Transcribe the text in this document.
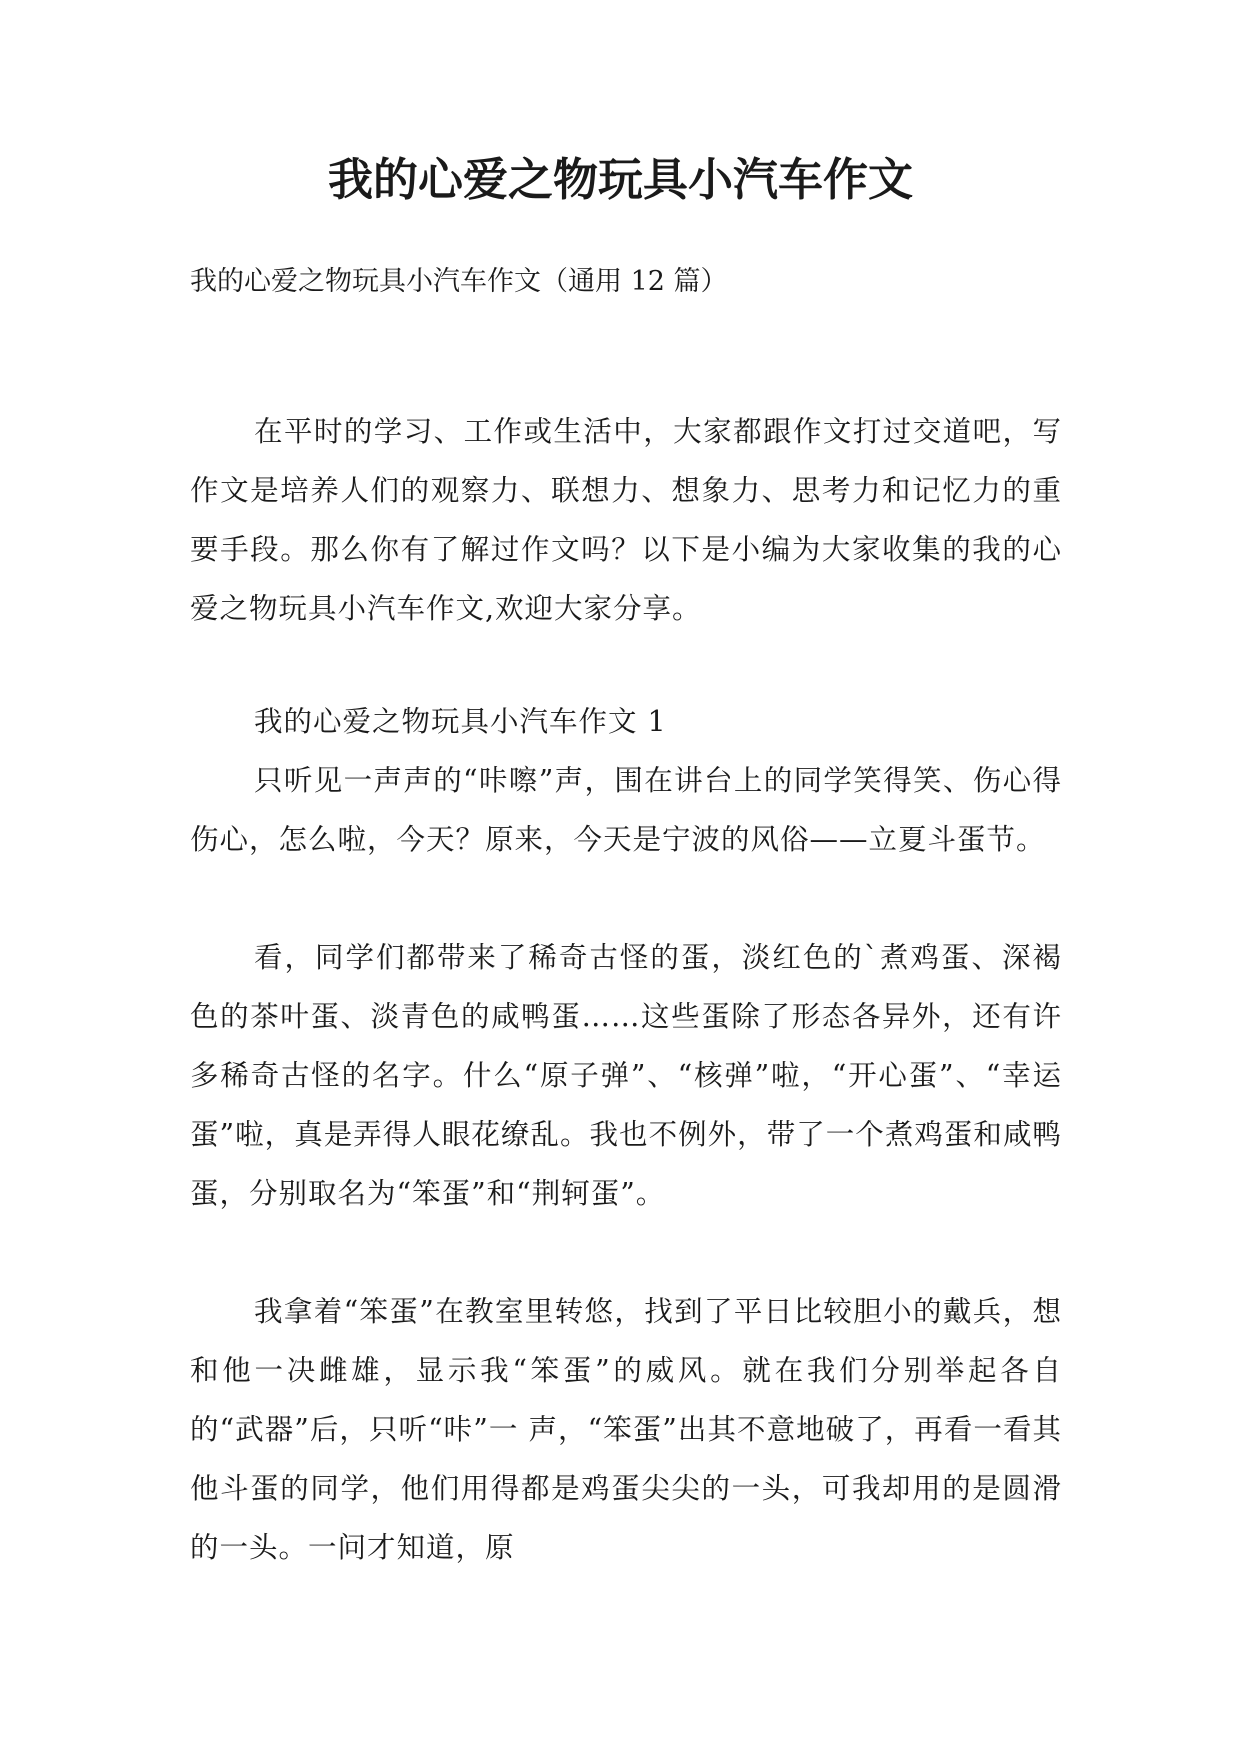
我的心爱之物玩具小汽车作文

我的心爱之物玩具小汽车作文（通用 12 篇）

在平时的学习、工作或生活中，大家都跟作文打过交道吧，写作文是培养人们的观察力、联想力、想象力、思考力和记忆力的重要手段。那么你有了解过作文吗？以下是小编为大家收集的我的心爱之物玩具小汽车作文,欢迎大家分享。

我的心爱之物玩具小汽车作文 1

只听见一声声的“咔嚓”声，围在讲台上的同学笑得笑、伤心得伤心，怎么啦，今天？原来，今天是宁波的风俗——立夏斗蛋节。

看，同学们都带来了稀奇古怪的蛋，淡红色的`煮鸡蛋、深褐色的茶叶蛋、淡青色的咸鸭蛋……这些蛋除了形态各异外，还有许多稀奇古怪的名字。什么“原子弹”、“核弹”啦，“开心蛋”、“幸运蛋”啦，真是弄得人眼花缭乱。我也不例外，带了一个煮鸡蛋和咸鸭蛋，分别取名为“笨蛋”和“荆轲蛋”。

我拿着“笨蛋”在教室里转悠，找到了平日比较胆小的戴兵，想和他一决雌雄，显示我“笨蛋”的威风。就在我们分别举起各自的“武器”后，只听“咔”一 声，“笨蛋”出其不意地破了，再看一看其他斗蛋的同学，他们用得都是鸡蛋尖尖的一头，可我却用的是圆滑的一头。一问才知道，原
